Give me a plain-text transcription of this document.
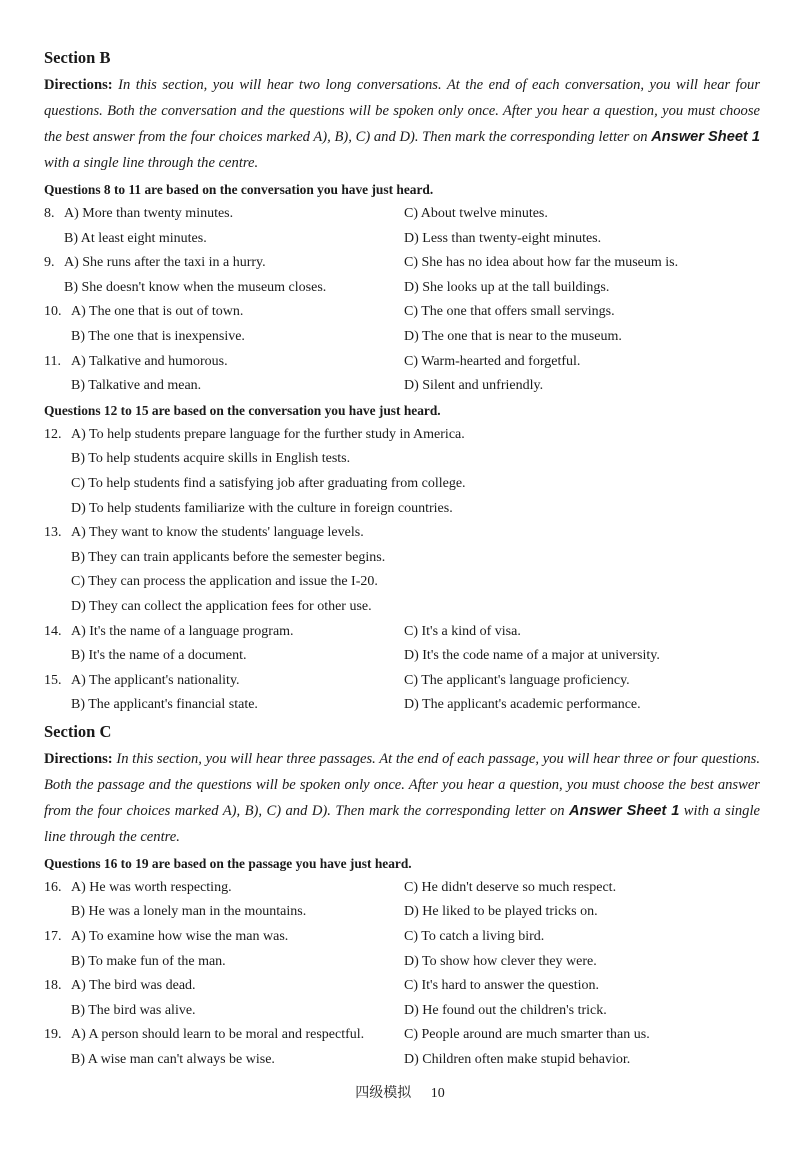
Section B
Directions: In this section, you will hear two long conversations. At the end of each conversation, you will hear four questions. Both the conversation and the questions will be spoken only once. After you hear a question, you must choose the best answer from the four choices marked A), B), C) and D). Then mark the corresponding letter on Answer Sheet 1 with a single line through the centre.
Questions 8 to 11 are based on the conversation you have just heard.
8. A) More than twenty minutes.	C) About twelve minutes.
B) At least eight minutes.	D) Less than twenty-eight minutes.
9. A) She runs after the taxi in a hurry.	C) She has no idea about how far the museum is.
B) She doesn't know when the museum closes.	D) She looks up at the tall buildings.
10. A) The one that is out of town.	C) The one that offers small servings.
B) The one that is inexpensive.	D) The one that is near to the museum.
11. A) Talkative and humorous.	C) Warm-hearted and forgetful.
B) Talkative and mean.	D) Silent and unfriendly.
Questions 12 to 15 are based on the conversation you have just heard.
12. A) To help students prepare language for the further study in America.
B) To help students acquire skills in English tests.
C) To help students find a satisfying job after graduating from college.
D) To help students familiarize with the culture in foreign countries.
13. A) They want to know the students' language levels.
B) They can train applicants before the semester begins.
C) They can process the application and issue the I-20.
D) They can collect the application fees for other use.
14. A) It's the name of a language program.	C) It's a kind of visa.
B) It's the name of a document.	D) It's the code name of a major at university.
15. A) The applicant's nationality.	C) The applicant's language proficiency.
B) The applicant's financial state.	D) The applicant's academic performance.
Section C
Directions: In this section, you will hear three passages. At the end of each passage, you will hear three or four questions. Both the passage and the questions will be spoken only once. After you hear a question, you must choose the best answer from the four choices marked A), B), C) and D). Then mark the corresponding letter on Answer Sheet 1 with a single line through the centre.
Questions 16 to 19 are based on the passage you have just heard.
16. A) He was worth respecting.	C) He didn't deserve so much respect.
B) He was a lonely man in the mountains.	D) He liked to be played tricks on.
17. A) To examine how wise the man was.	C) To catch a living bird.
B) To make fun of the man.	D) To show how clever they were.
18. A) The bird was dead.	C) It's hard to answer the question.
B) The bird was alive.	D) He found out the children's trick.
19. A) A person should learn to be moral and respectful.	C) People around are much smarter than us.
B) A wise man can't always be wise.	D) Children often make stupid behavior.
四级模拟 10
